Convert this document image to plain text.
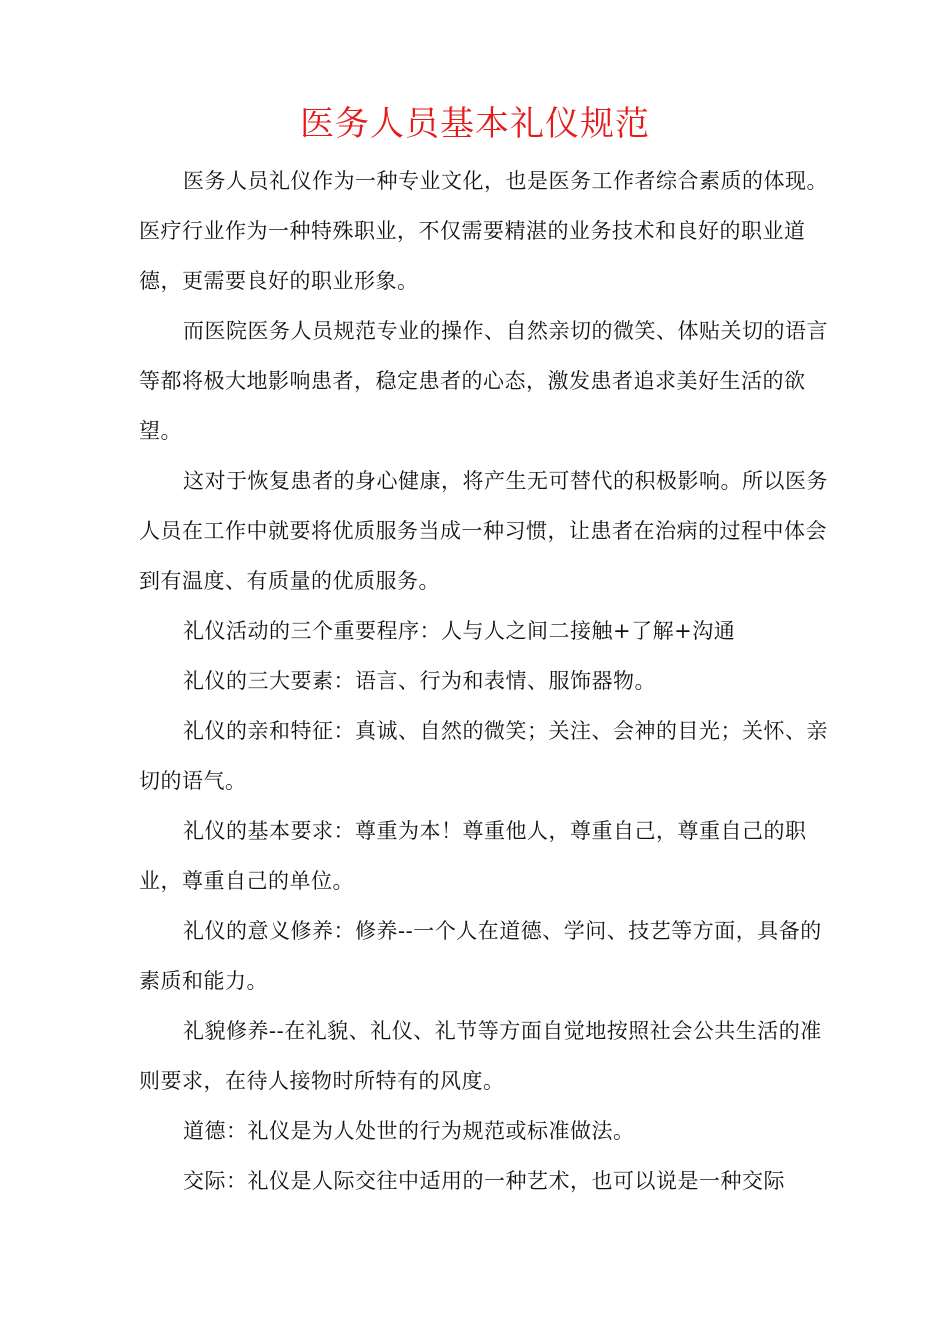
医务人员基本礼仪规范

医务人员礼仪作为一种专业文化，也是医务工作者综合素质的体现。医疗行业作为一种特殊职业，不仅需要精湛的业务技术和良好的职业道德，更需要良好的职业形象。

而医院医务人员规范专业的操作、自然亲切的微笑、体贴关切的语言等都将极大地影响患者，稳定患者的心态，激发患者追求美好生活的欲望。

这对于恢复患者的身心健康，将产生无可替代的积极影响。所以医务人员在工作中就要将优质服务当成一种习惯，让患者在治病的过程中体会到有温度、有质量的优质服务。

礼仪活动的三个重要程序：人与人之间二接触+了解+沟通

礼仪的三大要素：语言、行为和表情、服饰器物。

礼仪的亲和特征：真诚、自然的微笑；关注、会神的目光；关怀、亲切的语气。

礼仪的基本要求：尊重为本！尊重他人，尊重自己，尊重自己的职业，尊重自己的单位。

礼仪的意义修养：修养--一个人在道德、学问、技艺等方面，具备的素质和能力。

礼貌修养--在礼貌、礼仪、礼节等方面自觉地按照社会公共生活的准则要求，在待人接物时所特有的风度。

道德：礼仪是为人处世的行为规范或标准做法。

交际：礼仪是人际交往中适用的一种艺术，也可以说是一种交际
